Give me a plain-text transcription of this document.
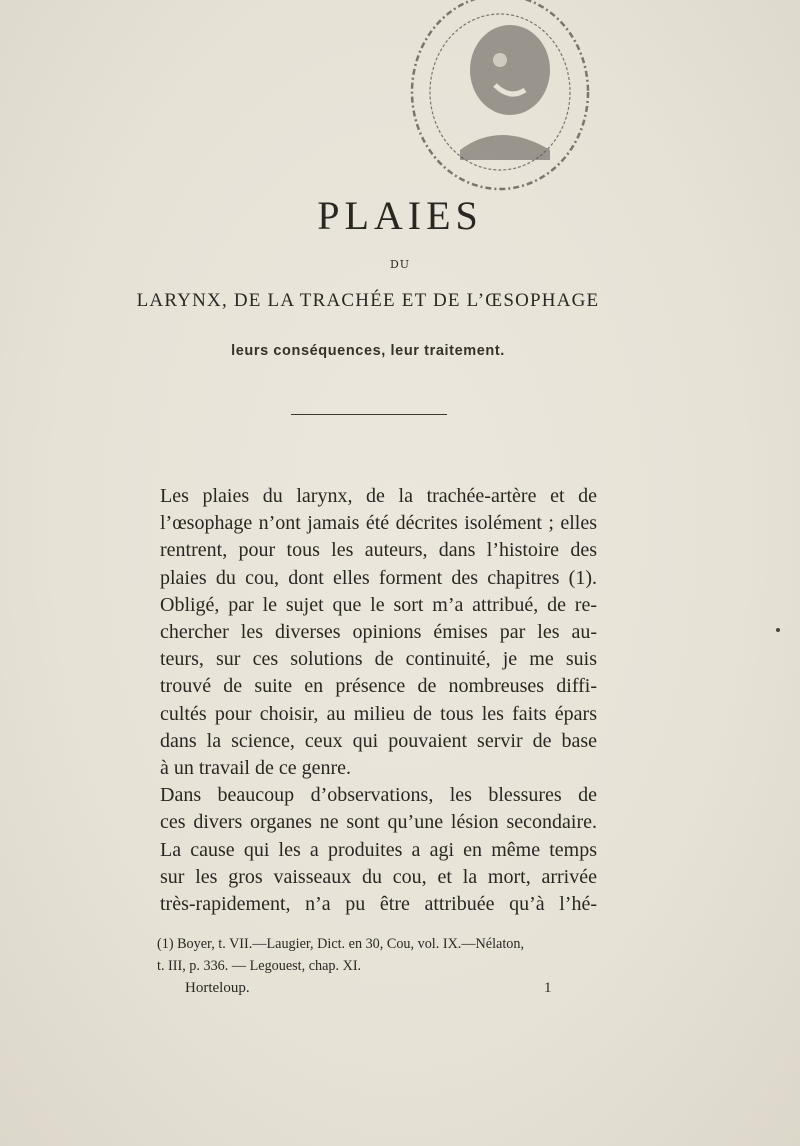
PLAIES
DU
LARYNX, DE LA TRACHÉE ET DE L’ŒSOPHAGE
leurs conséquences, leur traitement.

Les plaies du larynx, de la trachée-artère et de
l’œsophage n’ont jamais été décrites isolément ; elles
rentrent, pour tous les auteurs, dans l’histoire des
plaies du cou, dont elles forment des chapitres (1).
Obligé, par le sujet que le sort m’a attribué, de re-
chercher les diverses opinions émises par les au-
teurs, sur ces solutions de continuité, je me suis
trouvé de suite en présence de nombreuses diffi-
cultés pour choisir, au milieu de tous les faits épars
dans la science, ceux qui pouvaient servir de base
à un travail de ce genre.

Dans beaucoup d’observations, les blessures de
ces divers organes ne sont qu’une lésion secondaire.
La cause qui les a produites a agi en même temps
sur les gros vaisseaux du cou, et la mort, arrivée
très-rapidement, n’a pu être attribuée qu’à l’hé-

(1) Boyer, t. VII.—Laugier, Dict. en 30, Cou, vol. IX.—Nélaton,
t. III, p. 336. — Legouest, chap. XI.
Horteloup.	1
